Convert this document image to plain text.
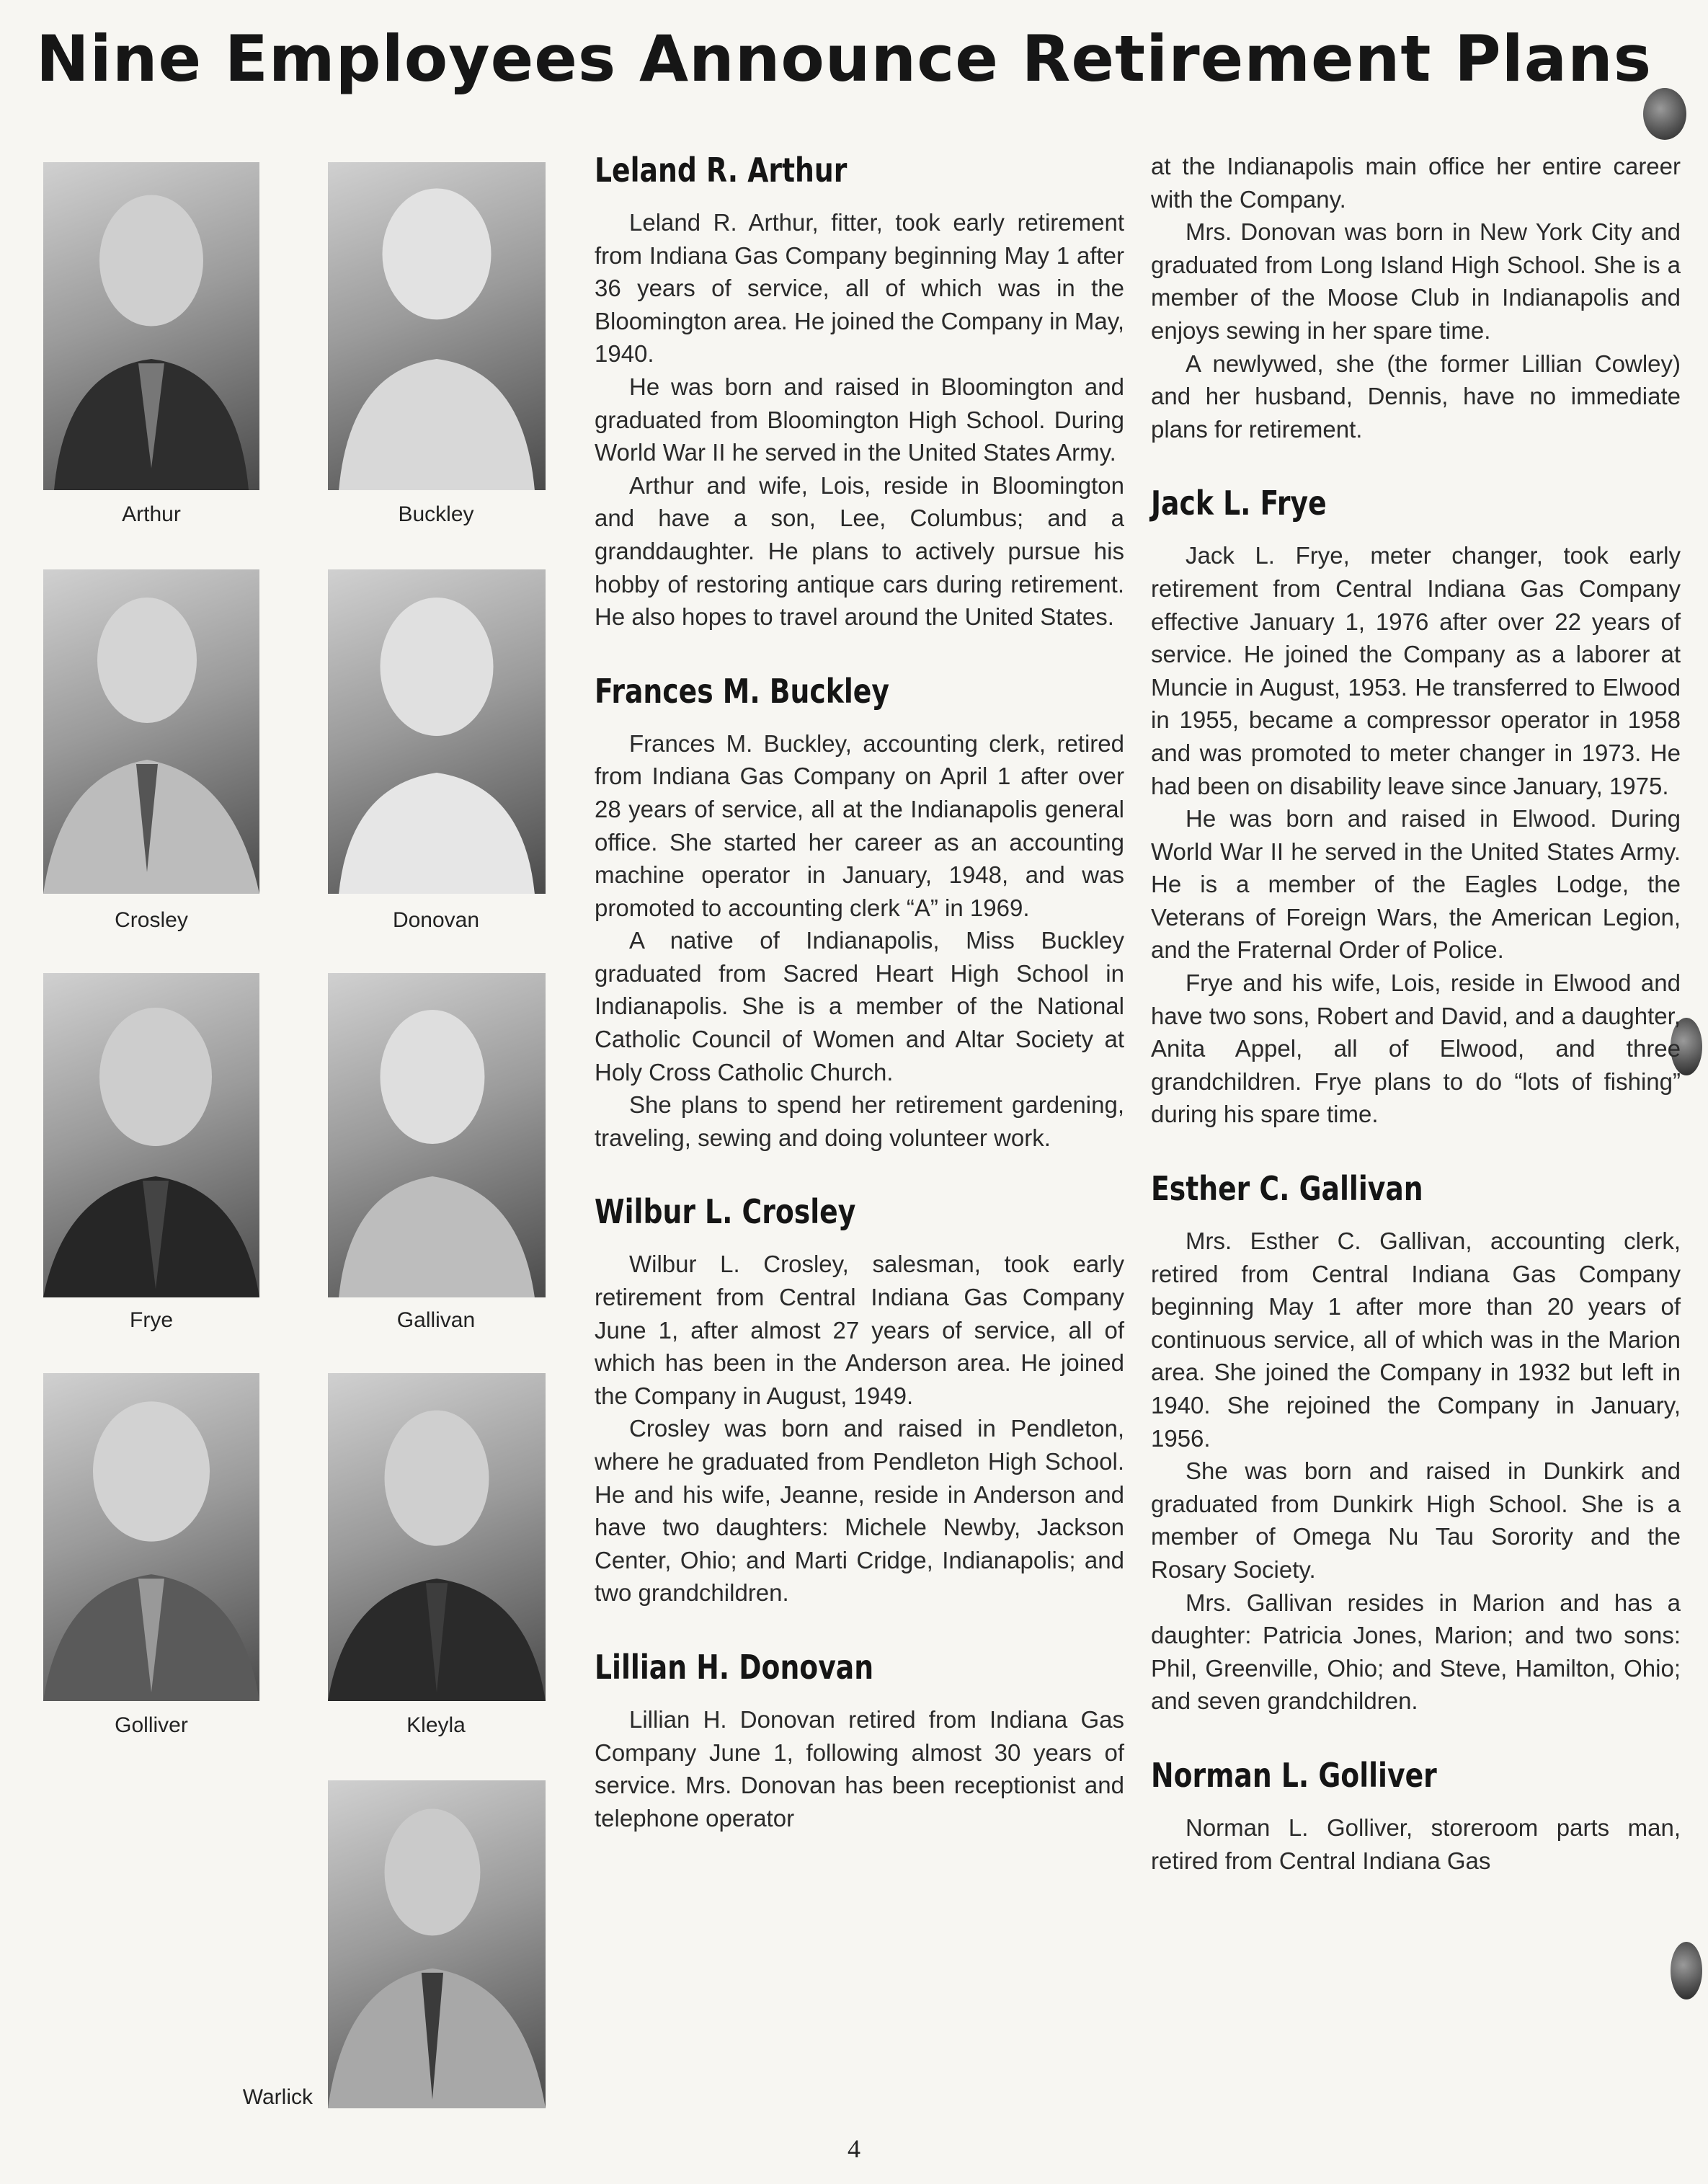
Nine Employees Announce Retirement Plans
Arthur	Buckley
Crosley	Donovan
Frye	Gallivan
Golliver	Kleyla
Warlick
Leland R. Arthur

Leland R. Arthur, fitter, took early retirement from Indiana Gas Company beginning May 1 after 36 years of service, all of which was in the Bloomington area. He joined the Company in May, 1940.

He was born and raised in Bloomington and graduated from Bloomington High School. During World War II he served in the United States Army.

Arthur and wife, Lois, reside in Bloomington and have a son, Lee, Columbus; and a granddaughter. He plans to actively pursue his hobby of restoring antique cars during retirement. He also hopes to travel around the United States.

Frances M. Buckley

Frances M. Buckley, accounting clerk, retired from Indiana Gas Company on April 1 after over 28 years of service, all at the Indianapolis general office. She started her career as an accounting machine operator in January, 1948, and was promoted to accounting clerk “A” in 1969.

A native of Indianapolis, Miss Buckley graduated from Sacred Heart High School in Indianapolis. She is a member of the National Catholic Council of Women and Altar Society at Holy Cross Catholic Church.

She plans to spend her retirement gardening, traveling, sewing and doing volunteer work.

Wilbur L. Crosley

Wilbur L. Crosley, salesman, took early retirement from Central Indiana Gas Company June 1, after almost 27 years of service, all of which has been in the Anderson area. He joined the Company in August, 1949.

Crosley was born and raised in Pendleton, where he graduated from Pendleton High School. He and his wife, Jeanne, reside in Anderson and have two daughters: Michele Newby, Jackson Center, Ohio; and Marti Cridge, Indianapolis; and two grandchildren.

Lillian H. Donovan

Lillian H. Donovan retired from Indiana Gas Company June 1, following almost 30 years of service. Mrs. Donovan has been receptionist and telephone operator

at the Indianapolis main office her entire career with the Company.

Mrs. Donovan was born in New York City and graduated from Long Island High School. She is a member of the Moose Club in Indianapolis and enjoys sewing in her spare time.

A newlywed, she (the former Lillian Cowley) and her husband, Dennis, have no immediate plans for retirement.

Jack L. Frye

Jack L. Frye, meter changer, took early retirement from Central Indiana Gas Company effective January 1, 1976 after over 22 years of service. He joined the Company as a laborer at Muncie in August, 1953. He transferred to Elwood in 1955, became a compressor operator in 1958 and was promoted to meter changer in 1973. He had been on disability leave since January, 1975.

He was born and raised in Elwood. During World War II he served in the United States Army. He is a member of the Eagles Lodge, the Veterans of Foreign Wars, the American Legion, and the Fraternal Order of Police.

Frye and his wife, Lois, reside in Elwood and have two sons, Robert and David, and a daughter, Anita Appel, all of Elwood, and three grandchildren. Frye plans to do “lots of fishing” during his spare time.

Esther C. Gallivan

Mrs. Esther C. Gallivan, accounting clerk, retired from Central Indiana Gas Company beginning May 1 after more than 20 years of continuous service, all of which was in the Marion area. She joined the Company in 1932 but left in 1940. She rejoined the Company in January, 1956.

She was born and raised in Dunkirk and graduated from Dunkirk High School. She is a member of Omega Nu Tau Sorority and the Rosary Society.

Mrs. Gallivan resides in Marion and has a daughter: Patricia Jones, Marion; and two sons: Phil, Greenville, Ohio; and Steve, Hamilton, Ohio; and seven grandchildren.

Norman L. Golliver

Norman L. Golliver, storeroom parts man, retired from Central Indiana Gas

4
